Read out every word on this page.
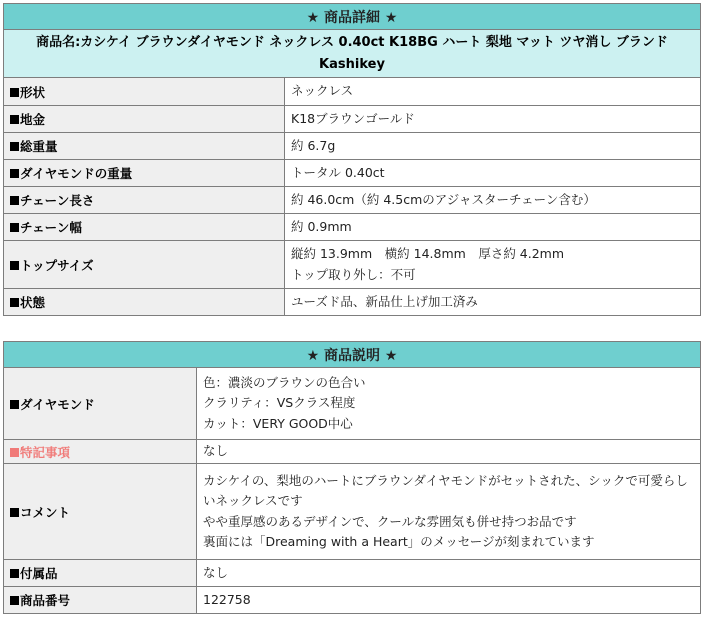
★ 商品詳細 ★	
商品名:カシケイ ブラウンダイヤモンド ネックレス 0.40ct K18BG ハート 梨地 マット ツヤ消し ブランド Kashikey	
形状	ネックレス

地金	K18ブラウンゴールド

総重量	約 6.7g

ダイヤモンドの重量	トータル 0.40ct

チェーン長さ	約 46.0cm（約 4.5cmのアジャスターチェーン含む）

チェーン幅	約 0.9mm

トップサイズ	縦約 13.9mm　横約 14.8mm　厚さ約 4.2mm
トップ取り外し：不可

状態	ユーズド品、新品仕上げ加工済み
★ 商品説明 ★	
ダイヤモンド	色：濃淡のブラウンの色合い
クラリティ：VSクラス程度
カット：VERY GOOD中心

特記事項	なし

コメント	カシケイの、梨地のハートにブラウンダイヤモンドがセットされた、シックで可愛らしいネックレスです
やや重厚感のあるデザインで、クールな雰囲気も併せ持つお品です
裏面には「Dreaming with a Heart」のメッセージが刻まれています

付属品	なし

商品番号	122758
